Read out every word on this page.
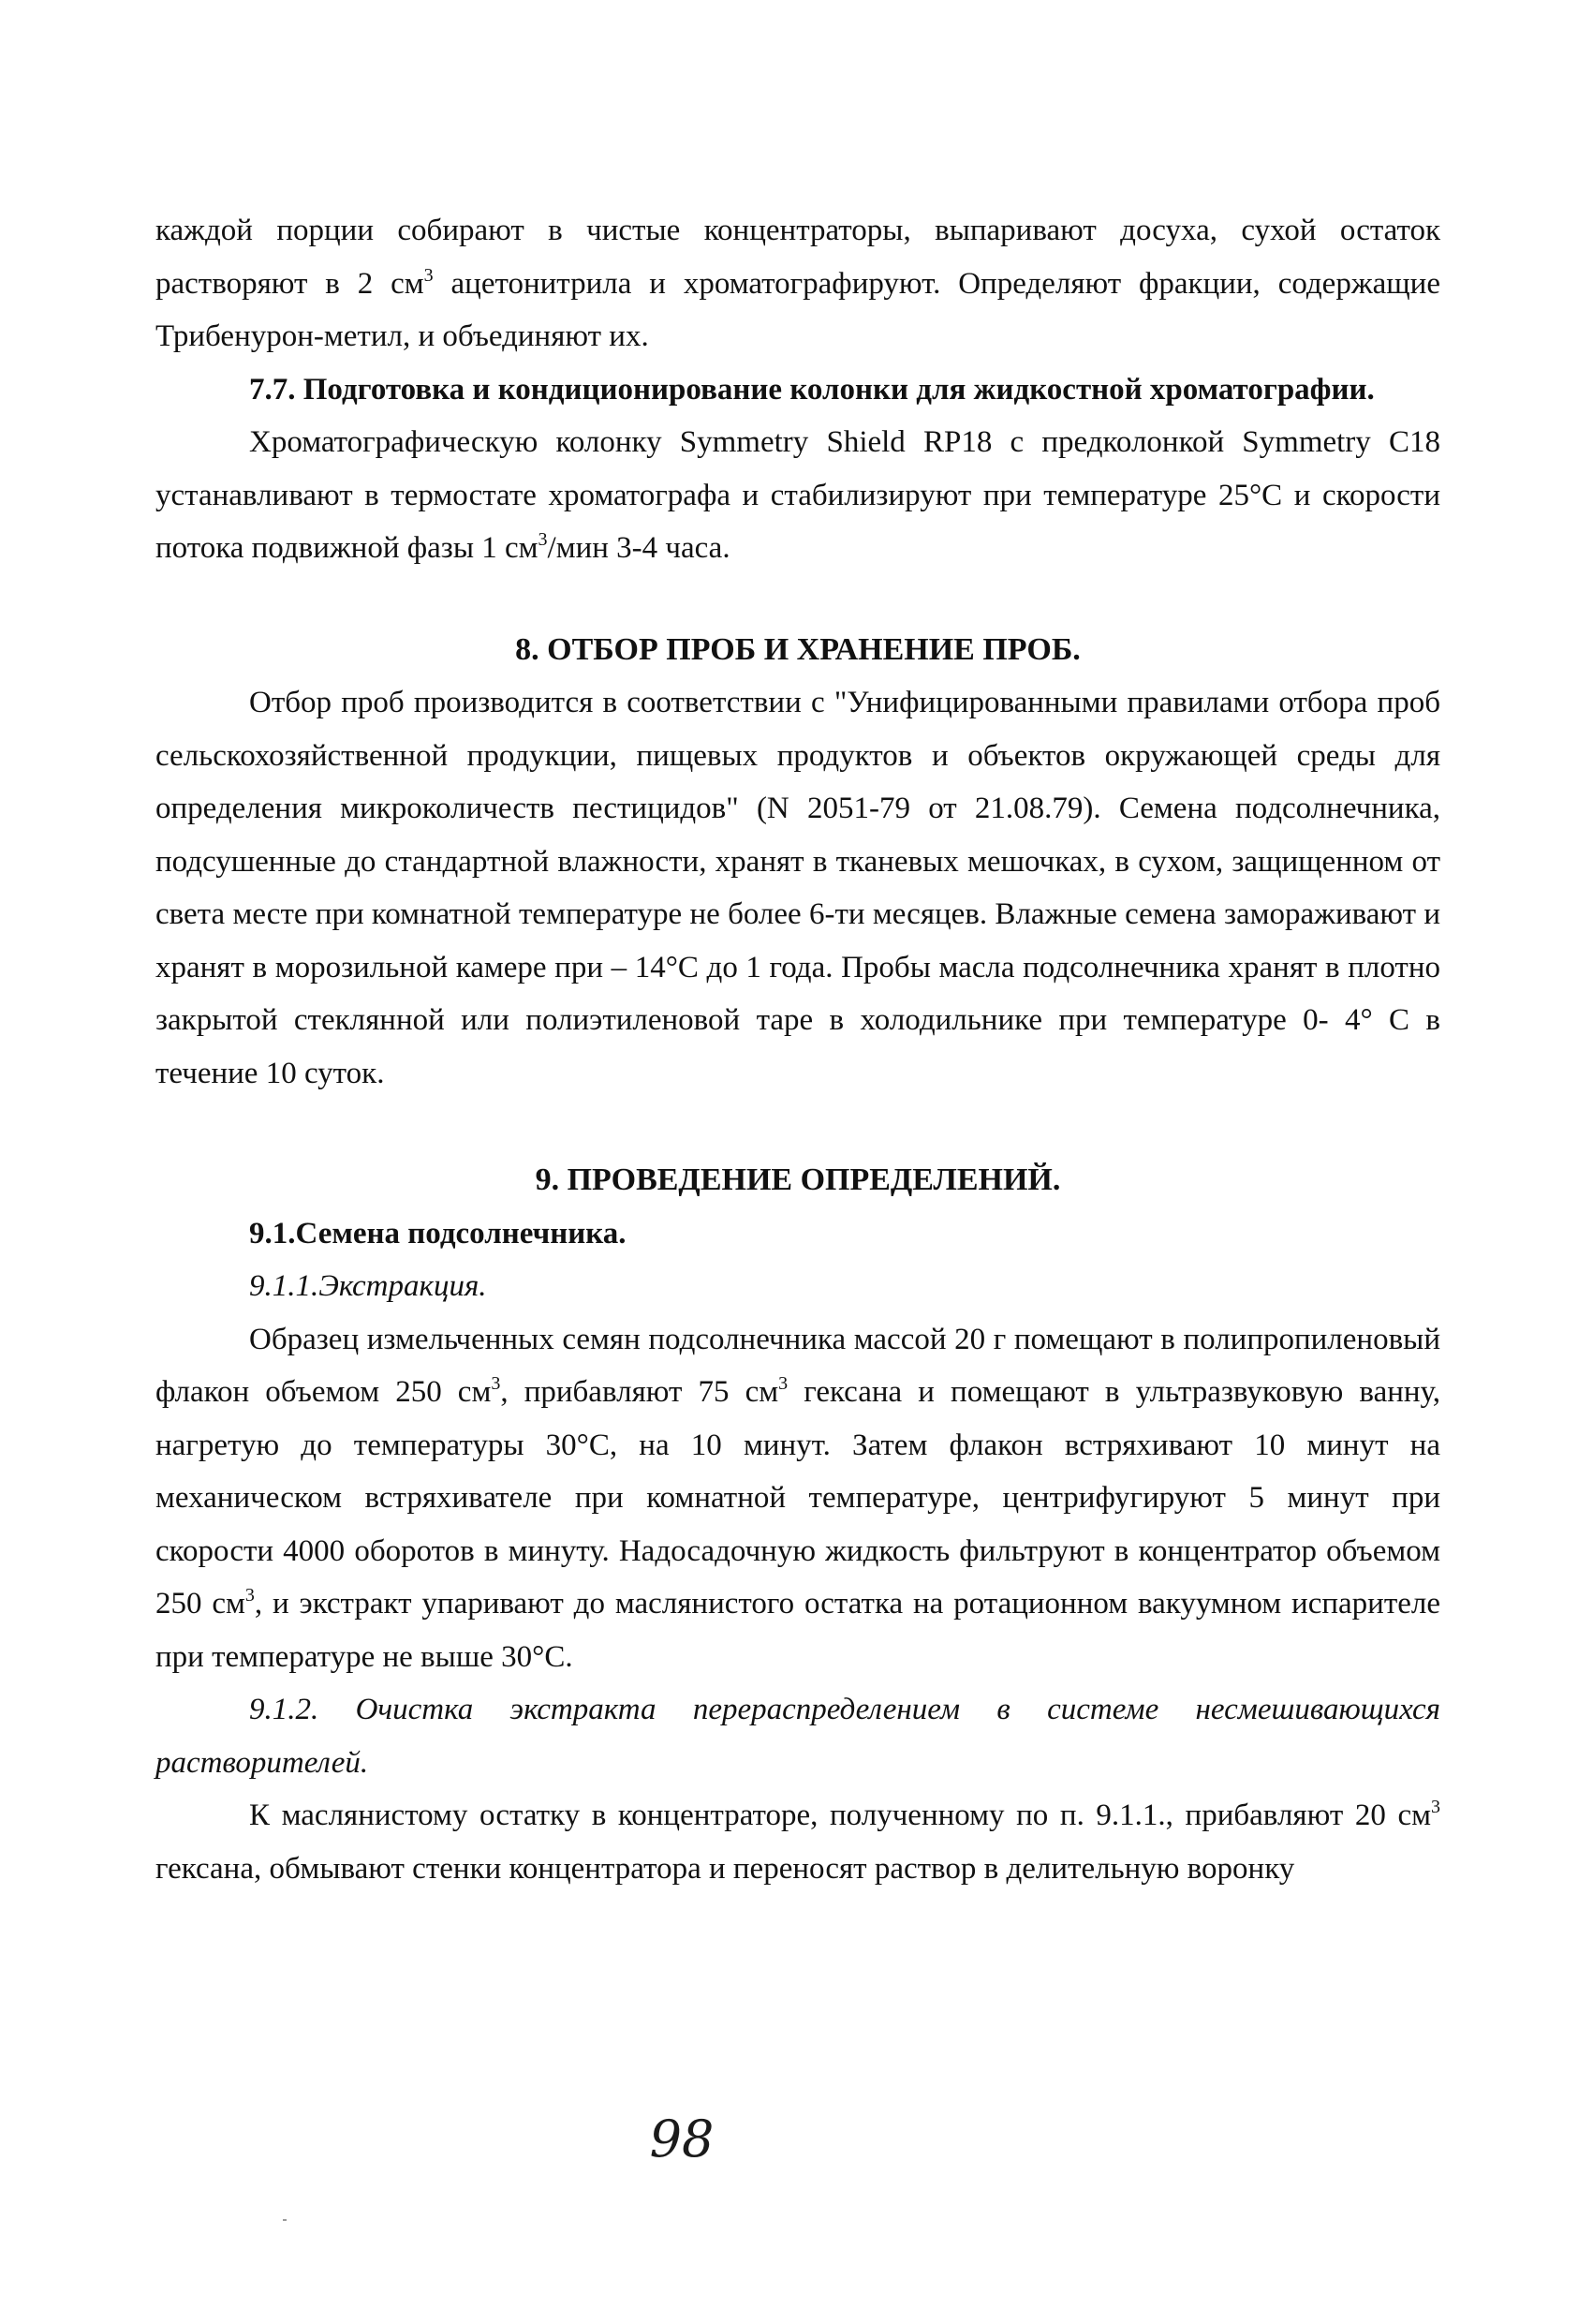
каждой порции собирают в чистые концентраторы, выпаривают досуха, сухой остаток растворяют в 2 $см^3$ ацетонитрила и хроматографируют. Определяют фракции, содержащие Трибенурон-метил, и объединяют их.

7.7. Подготовка и кондиционирование колонки для жидкостной хроматографии.

Хроматографическую колонку Symmetry Shield RP18 с предколонкой Symmetry C18 устанавливают в термостате хроматографа и стабилизируют при температуре 25°C и скорости потока подвижной фазы 1 $см^3$/мин 3-4 часа.

8. ОТБОР ПРОБ И ХРАНЕНИЕ ПРОБ.

Отбор проб производится в соответствии с "Унифицированными правилами отбора проб сельскохозяйственной продукции, пищевых продуктов и объектов окружающей среды для определения микроколичеств пестицидов" (N 2051-79 от 21.08.79). Семена подсолнечника, подсушенные до стандартной влажности, хранят в тканевых мешочках, в сухом, защищенном от света месте при комнатной температуре не более 6-ти месяцев. Влажные семена замораживают и хранят в морозильной камере при – 14°C до 1 года. Пробы масла подсолнечника хранят в плотно закрытой стеклянной или полиэтиленовой таре в холодильнике при температуре 0- 4° C в течение 10 суток.

9. ПРОВЕДЕНИЕ ОПРЕДЕЛЕНИЙ.

9.1.Семена подсолнечника.

9.1.1.Экстракция.

Образец измельченных семян подсолнечника массой 20 г помещают в полипропиленовый флакон объемом 250 $см^3$, прибавляют 75 $см^3$ гексана и помещают в ультразвуковую ванну, нагретую до температуры 30°C, на 10 минут. Затем флакон встряхивают 10 минут на механическом встряхивателе при комнатной температуре, центрифугируют 5 минут при скорости 4000 оборотов в минуту. Надосадочную жидкость фильтруют в концентратор объемом 250 $см^3$, и экстракт упаривают до маслянистого остатка на ротационном вакуумном испарителе при температуре не выше 30°C.

9.1.2. Очистка экстракта перераспределением в системе несмешивающихся растворителей.

К маслянистому остатку в концентраторе, полученному по п. 9.1.1., прибавляют 20 $см^3$ гексана, обмывают стенки концентратора и переносят раствор в делительную воронку

98
